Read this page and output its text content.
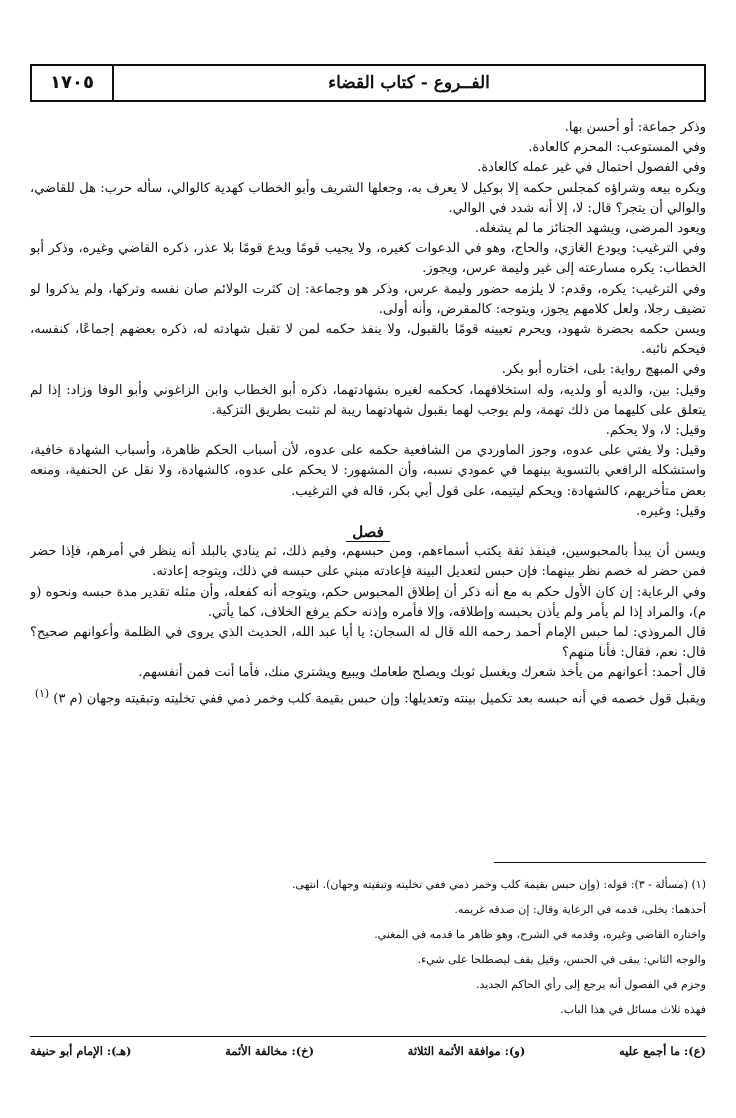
١٧٠٥	الفــروع - كتاب القضاء

وذكر جماعة: أو أحسن بها.

وفي المستوعب: المحرم كالعادة.

وفي الفصول احتمال في غير عمله كالعادة.

ويكره بيعه وشراؤه كمجلس حكمه إلا بوكيل لا يعرف به، وجعلها الشريف وأبو الخطاب كهدية كالوالي، سأله حرب: هل للقاضي، والوالي أن يتجر؟ قال: لا، إلا أنه شدد في الوالي.

ويعود المرضى، ويشهد الجنائز ما لم يشغله.

وفي الترغيب: ويودع الغازي، والحاج، وهو في الدعوات كغيره، ولا يجيب قومًا ويدع قومًا بلا عذر، ذكره القاضي وغيره، وذكر أبو الخطاب: يكره مسارعته إلى غير وليمة عرس، ويجوز.

وفي الترغيب: يكره، وقدم: لا يلزمه حضور وليمة عرس، وذكر هو وجماعة: إن كثرت الولائم صان نفسه وتركها، ولم يذكروا لو تضيف رجلا، ولعل كلامهم يجوز، ويتوجه: كالمقرض، وأنه أولى.

ويسن حكمه بحضرة شهود، ويحرم تعيينه قومًا بالقبول، ولا ينفذ حكمه لمن لا تقبل شهادته له، ذكره بعضهم إجماعًا، كنفسه، فيحكم نائبه.

وفي المبهج رواية: بلى، اختاره أبو بكر.

وقيل: بين، والديه أو ولديه، وله استخلافهما، كحكمه لغيره بشهادتهما، ذكره أبو الخطاب وابن الزاغوني وأبو الوفا وزاد: إذا لم يتعلق على كليهما من ذلك تهمة، ولم يوجب لهما بقبول شهادتهما ريبة لم تثبت بطريق التزكية.

وقيل: لا، ولا يحكم.

وقيل: ولا يفتي على عدوه، وجوز الماوردي من الشافعية حكمه على عدوه، لأن أسباب الحكم ظاهرة، وأسباب الشهادة خافية، واستشكله الرافعي بالتسوية بينهما في عمودي نسبه، وأن المشهور: لا يحكم على عدوه، كالشهادة، ولا نقل عن الحنفية، ومنعه بعض متأخريهم، كالشهادة: ويحكم ليتيمه، على قول أبي بكر، قاله في الترغيب.

وقيل: وغيره.

فصل

ويسن أن يبدأ بالمحبوسين، فينفذ ثقة يكتب أسماءهم، ومن حبسهم، وفيم ذلك، ثم ينادي بالبلد أنه ينظر في أمرهم، فإذا حضر فمن حضر له خصم نظر بينهما: فإن حبس لتعديل البينة فإعادته مبني على حبسه في ذلك، ويتوجه إعادته.

وفي الرعاية: إن كان الأول حكم به مع أنه ذكر أن إطلاق المحبوس حكم، ويتوجه أنه كفعله، وأن مثله تقدير مدة حبسه ونحوه (و م)، والمراد إذا لم يأمر ولم يأذن بحبسه وإطلاقه، وإلا فأمره وإذنه حكم يرفع الخلاف، كما يأتي.

قال المروذي: لما حبس الإمام أحمد رحمه الله قال له السجان: يا أبا عبد الله، الحديث الذي يروى في الظلمة وأعوانهم صحيح؟ قال: نعم، فقال: فأنا منهم؟

قال أحمد: أعوانهم من يأخذ شعرك ويغسل ثوبك ويصلح طعامك ويبيع ويشتري منك، فأما أنت فمن أنفسهم.

ويقبل قول خصمه في أنه حبسه بعد تكميل بينته وتعديلها: وإن حبس بقيمة كلب وخمر ذمي ففي تخليته وتبقيته وجهان (م ٣) $^{(١)}$

(١) (مسألة - ٣): قوله: (وإن حبس بقيمة كلب وخمر ذمي ففي تخليته وتبقيته وجهان). انتهى.

أحدهما: يخلى، قدمه في الرعاية وقال: إن صدقه غريمه.

واختاره القاضي وغيره، وقدمه في الشرح، وهو ظاهر ما قدمه في المغني.

والوجه الثاني: يبقى في الحبس، وقيل يقف ليصطلحا على شيء.

وجزم في الفصول أنه يرجع إلى رأي الحاكم الجديد.

فهذه ثلاث مسائل في هذا الباب.

(ع): ما أجمع عليه
(و): موافقة الأئمة الثلاثة
(خ): مخالفة الأئمة
(هـ): الإمام أبو حنيفة
